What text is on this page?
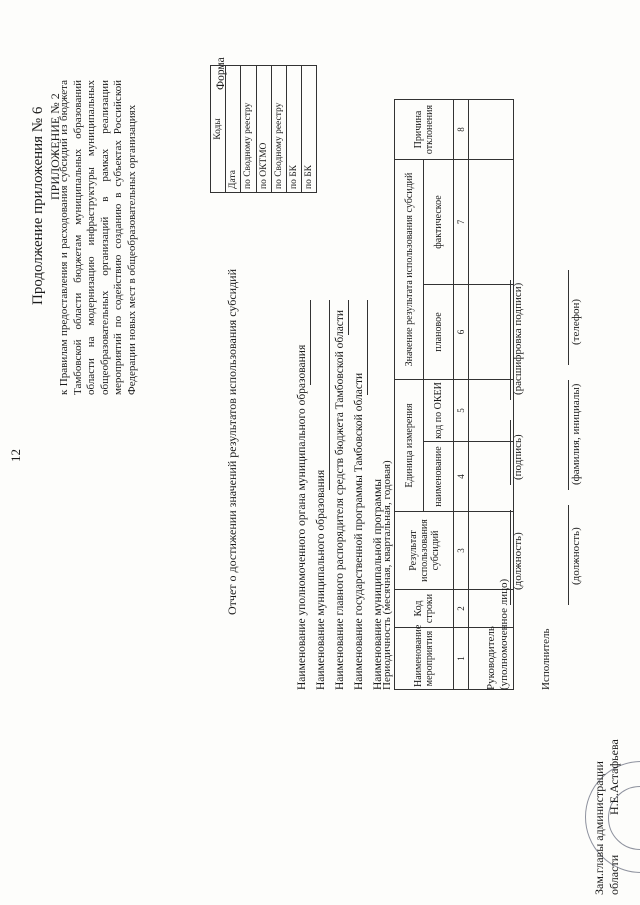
12
Продолжение приложения № 6 ПРИЛОЖЕНИЕ № 2
к Правилам предоставления и расходования субсидий из бюджета Тамбовской области бюджетам муниципальных образований области на модернизацию инфраструктуры муниципальных общеобразовательных организаций в рамках реализации мероприятий по содействию созданию в субъектах Российской Федерации новых мест в общеобразовательных организациях
Форма
	Коды
	Дата
	по Сводному реестру
	по ОКТМО
	по Сводному реестру
	по БК
	по БК
Отчет о достижении значений результатов использования субсидий	Наименование уполномоченного органа муниципального образования Наименование муниципального образования Наименование главного распорядителя средств бюджета Тамбовской области Наименование государственной программы Тамбовской области Наименование муниципальной программы
Периодичность (месячная, квартальная, годовая) Наименование мероприятия	Код строки	Результат использования субсидий	Единица измерения		Значение результата использования субсидий		Причина отклонения
			наименование	код по ОКЕИ	плановое	фактическое	
1	2	3	4	5	6	7	8

Руководитель (уполномоченное лицо)
(должность)
(подпись)
(расшифровка подписи)
Исполнитель
(должность)
(фамилия, инициалы)
(телефон)
Зам.главы администрации области
Н.Е.Астафьева
